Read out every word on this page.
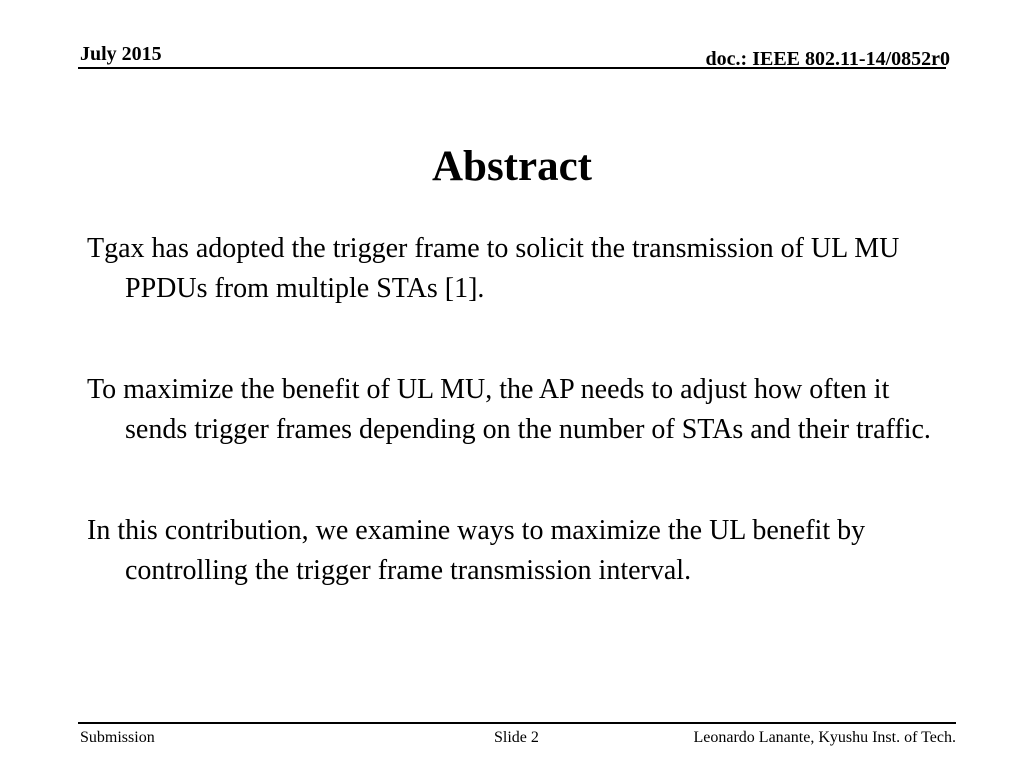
July 2015	doc.: IEEE 802.11-14/0852r0
Abstract
Tgax has adopted the trigger frame to solicit the transmission of UL MU PPDUs from multiple STAs [1].
To maximize the benefit of UL MU, the AP needs to adjust how often it sends trigger frames depending on the number of STAs and their traffic.
In this contribution, we examine ways to maximize the UL benefit by controlling the trigger frame transmission interval.
Submission	Slide 2	Leonardo Lanante, Kyushu Inst. of Tech.
